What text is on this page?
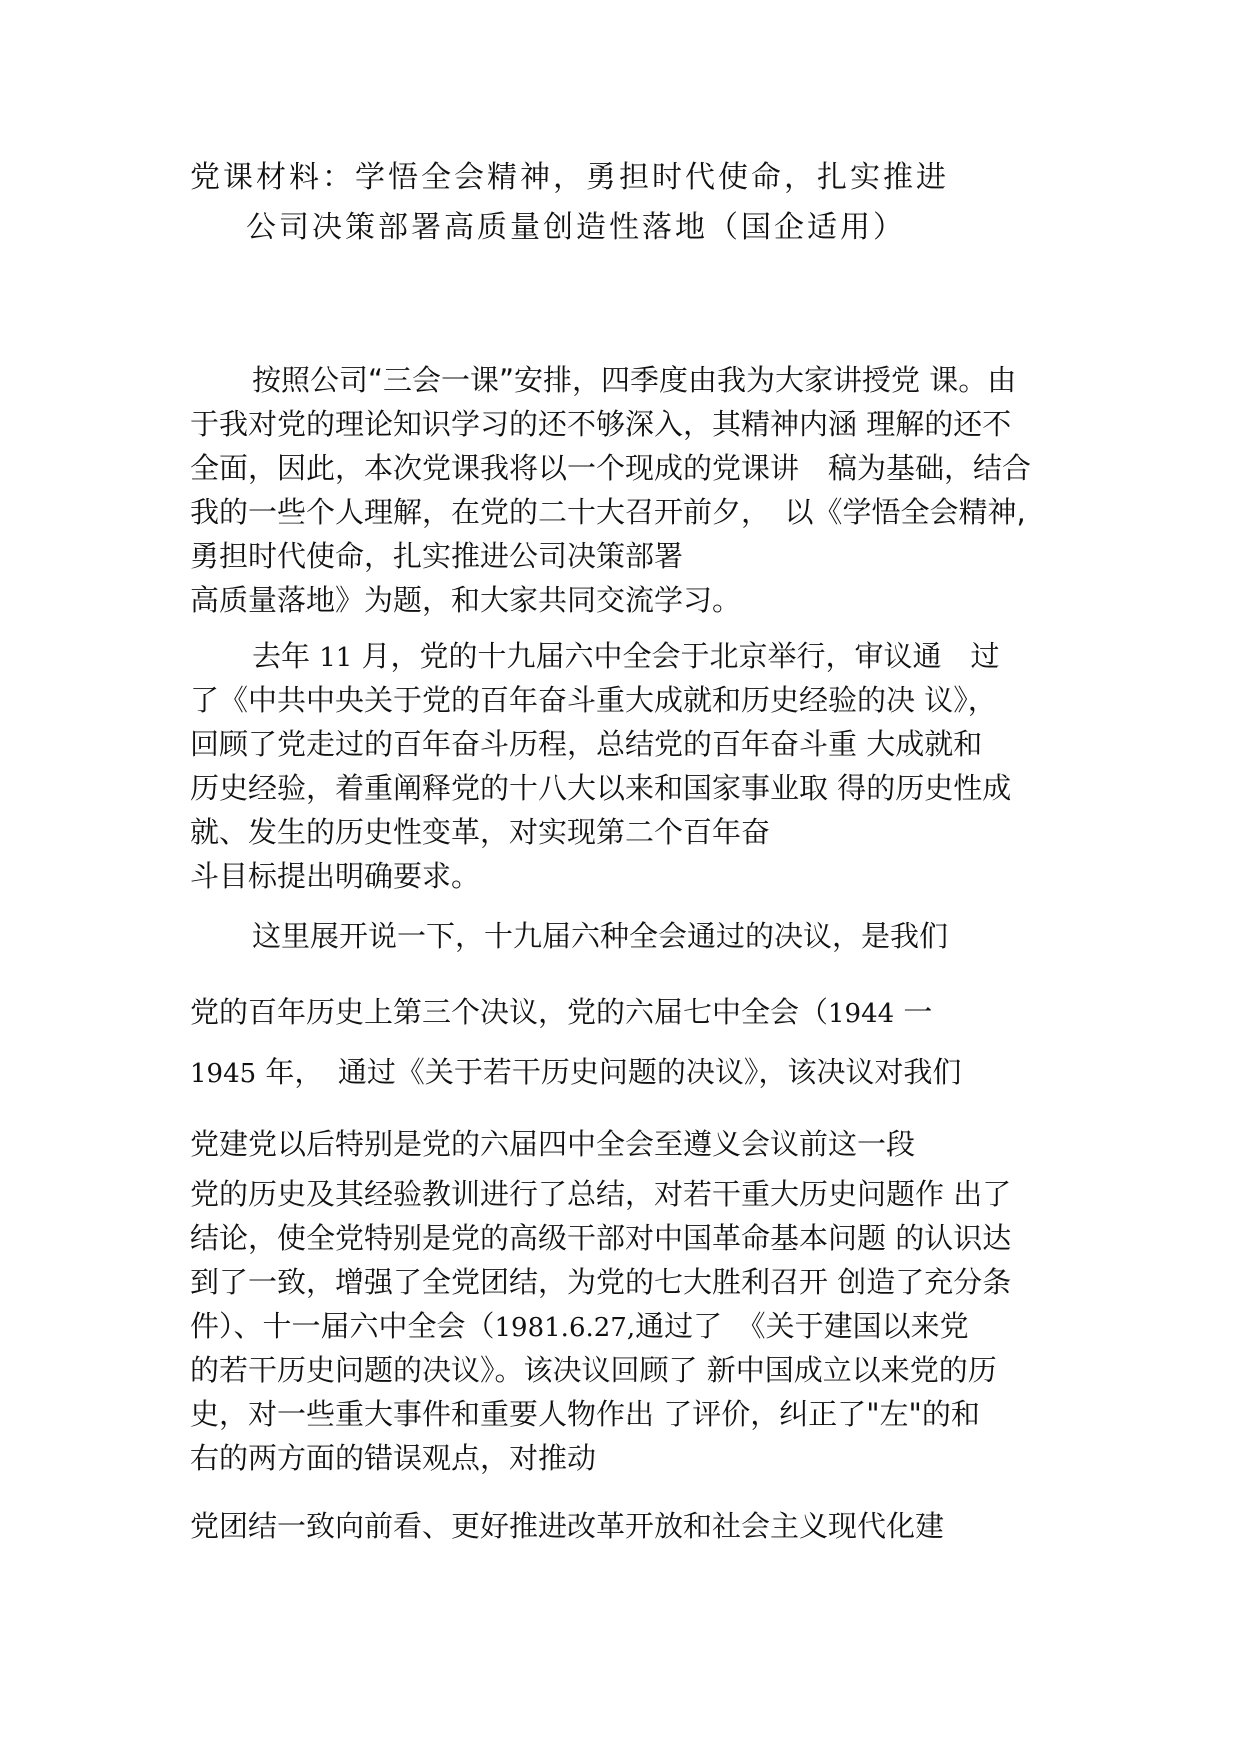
党课材料：学悟全会精神，勇担时代使命，扎实推进
公司决策部署高质量创造性落地（国企适用）
按照公司“三会一课”安排，四季度由我为大家讲授党 课。由
于我对党的理论知识学习的还不够深入，其精神内涵 理解的还不
全面，因此，本次党课我将以一个现成的党课讲　稿为基础，结合
我的一些个人理解，在党的二十大召开前夕，　以《学悟全会精神,
勇担时代使命，扎实推进公司决策部署
高质量落地》为题，和大家共同交流学习。
去年 11 月，党的十九届六中全会于北京举行，审议通　过
了《中共中央关于党的百年奋斗重大成就和历史经验的决 议》，
回顾了党走过的百年奋斗历程，总结党的百年奋斗重 大成就和
历史经验，着重阐释党的十八大以来和国家事业取 得的历史性成
就、发生的历史性变革，对实现第二个百年奋
斗目标提出明确要求。
这里展开说一下，十九届六种全会通过的决议，是我们
党的百年历史上第三个决议，党的六届七中全会（1944 一
1945 年，　通过《关于若干历史问题的决议》，该决议对我们
党建党以后特别是党的六届四中全会至遵义会议前这一段
党的历史及其经验教训进行了总结，对若干重大历史问题作 出了
结论，使全党特别是党的高级干部对中国革命基本问题 的认识达
到了一致，增强了全党团结，为党的七大胜利召开 创造了充分条
件）、十一届六中全会（1981.6.27,通过了　《关于建国以来党
的若干历史问题的决议》。该决议回顾了 新中国成立以来党的历
史，对一些重大事件和重要人物作出 了评价，纠正了"左"的和
右的两方面的错误观点，对推动
党团结一致向前看、更好推进改革开放和社会主义现代化建
